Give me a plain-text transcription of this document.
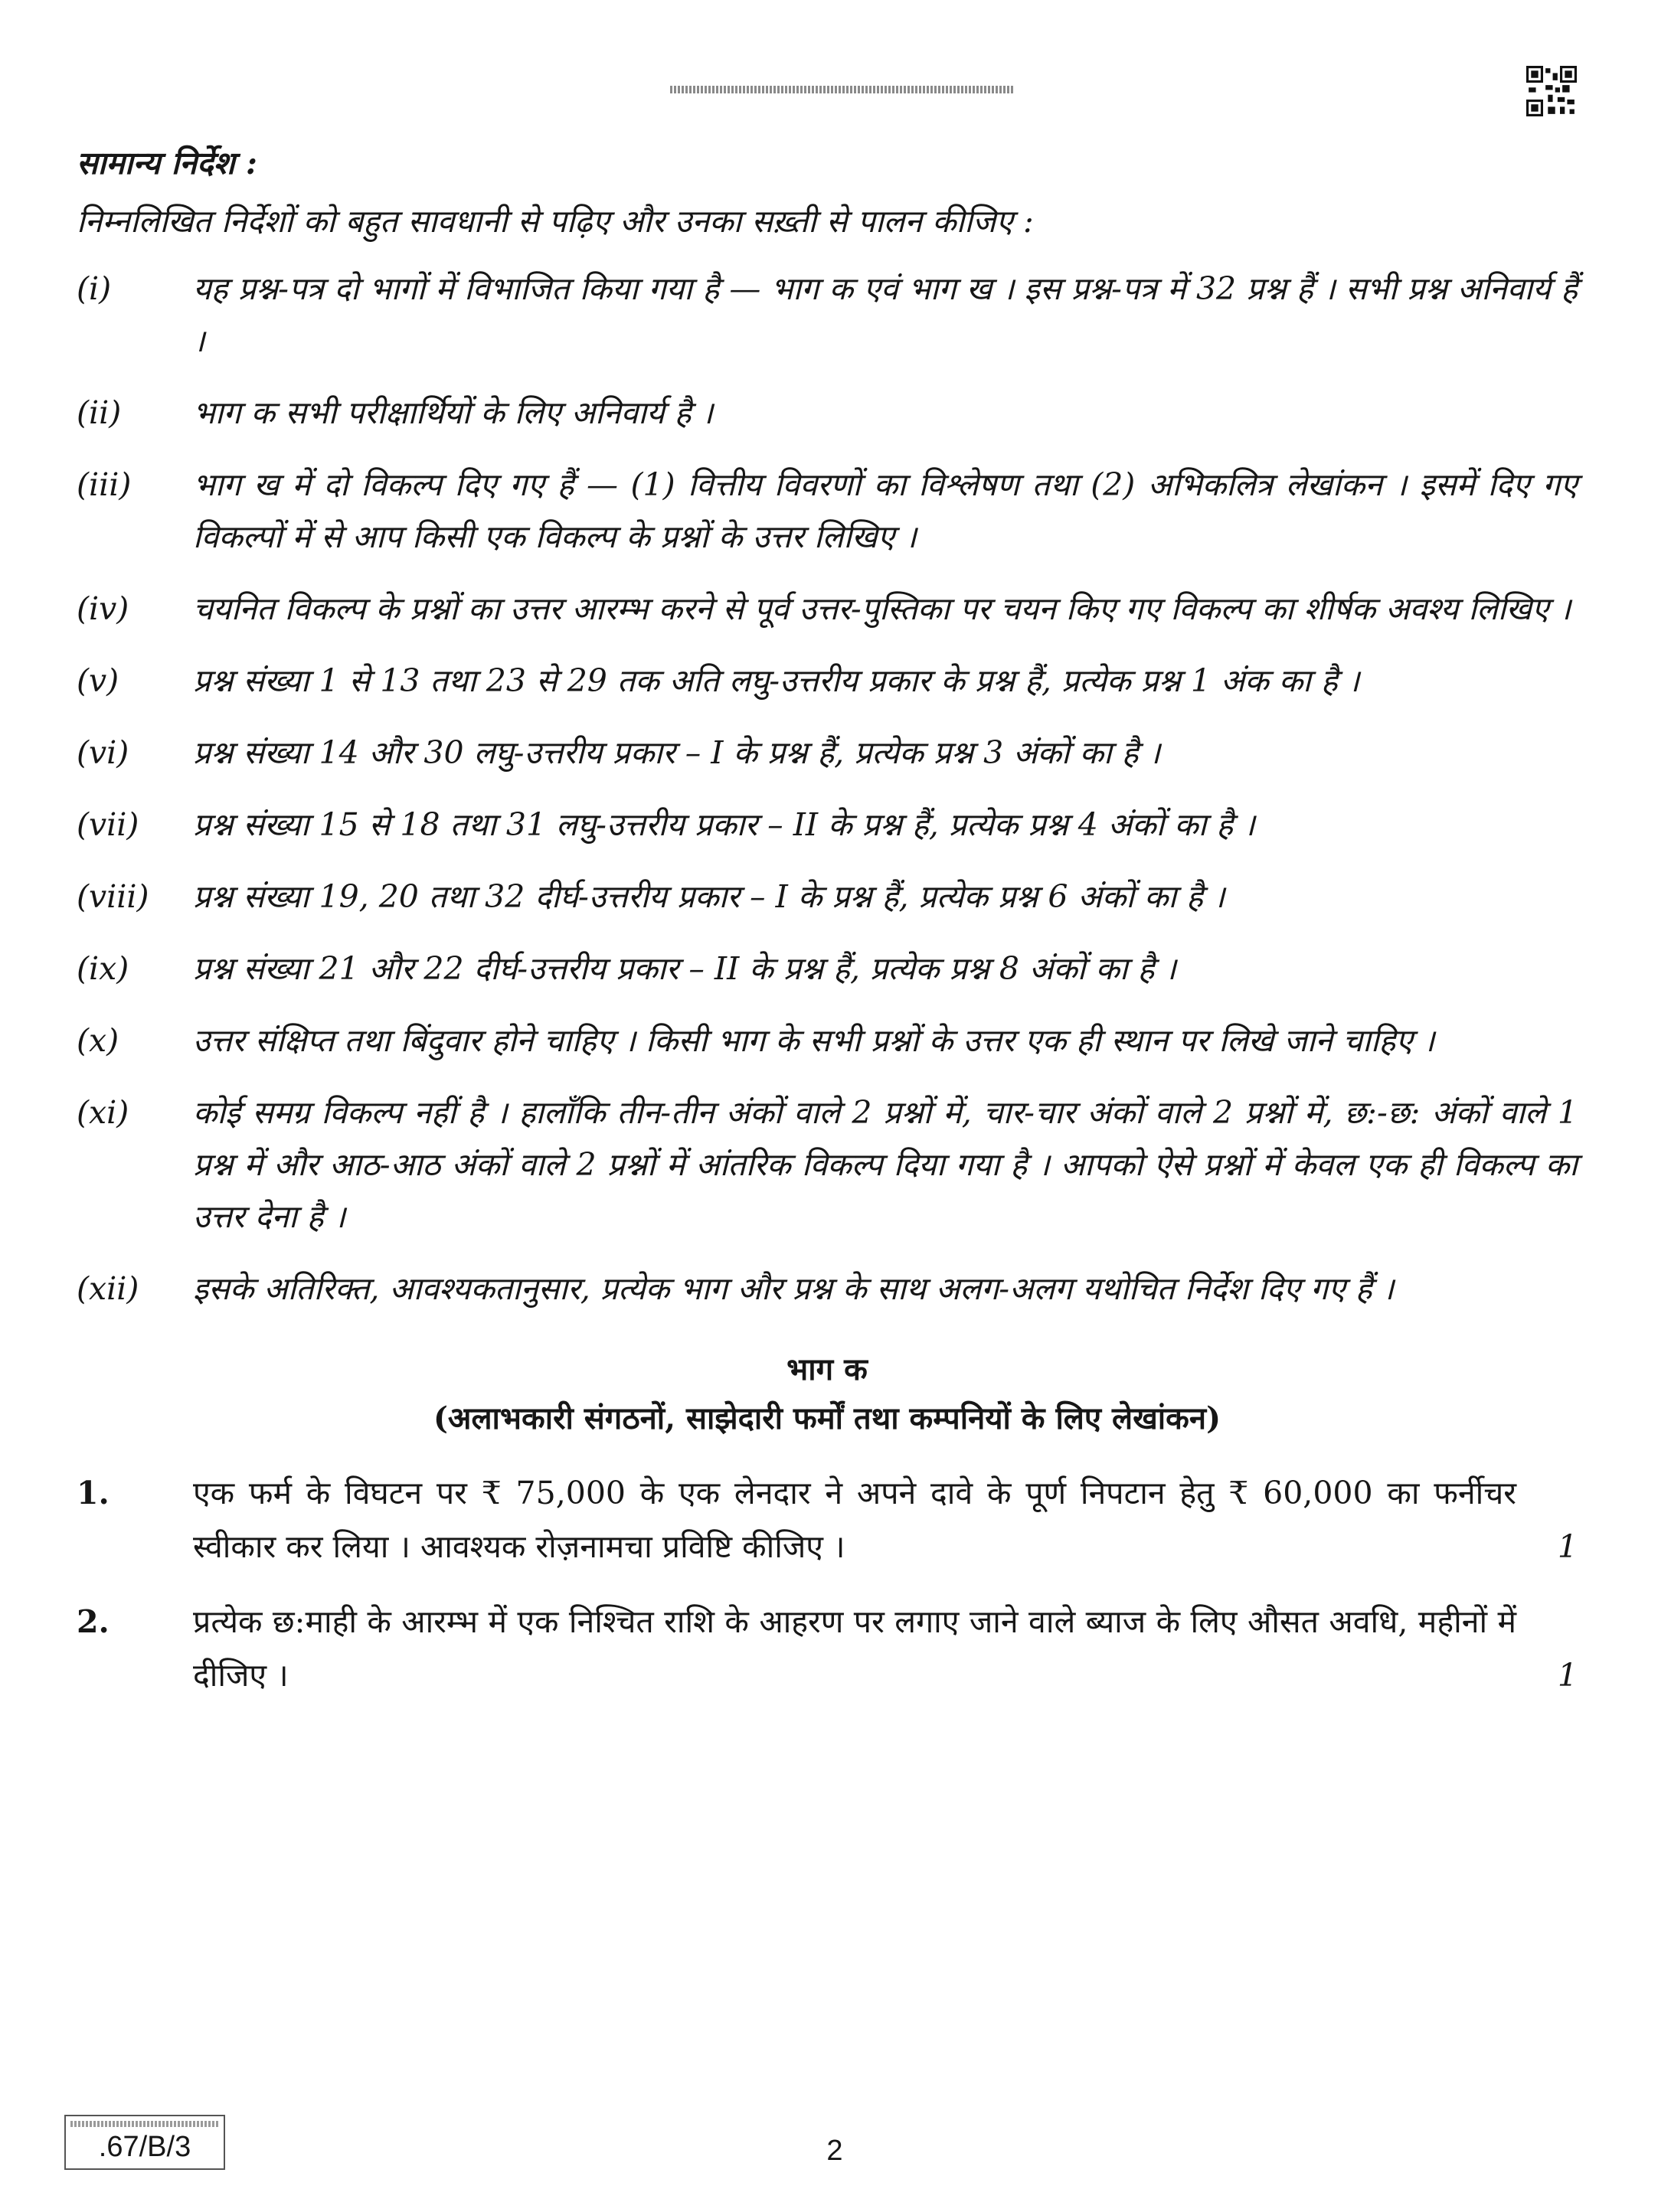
सामान्य निर्देश :

निम्नलिखित निर्देशों को बहुत सावधानी से पढ़िए और उनका सख़्ती से पालन कीजिए :

(i)	यह प्रश्न-पत्र दो भागों में विभाजित किया गया है — भाग क एवं भाग ख । इस प्रश्न-पत्र में 32 प्रश्न हैं । सभी प्रश्न अनिवार्य हैं ।
(ii)	भाग क सभी परीक्षार्थियों के लिए अनिवार्य है ।
(iii)	भाग ख में दो विकल्प दिए गए हैं — (1) वित्तीय विवरणों का विश्लेषण तथा (2) अभिकलित्र लेखांकन । इसमें दिए गए विकल्पों में से आप किसी एक विकल्प के प्रश्नों के उत्तर लिखिए ।
(iv)	चयनित विकल्प के प्रश्नों का उत्तर आरम्भ करने से पूर्व उत्तर-पुस्तिका पर चयन किए गए विकल्प का शीर्षक अवश्य लिखिए ।
(v)	प्रश्न संख्या 1 से 13 तथा 23 से 29 तक अति लघु-उत्तरीय प्रकार के प्रश्न हैं, प्रत्येक प्रश्न 1 अंक का है ।
(vi)	प्रश्न संख्या 14 और 30 लघु-उत्तरीय प्रकार – I के प्रश्न हैं, प्रत्येक प्रश्न 3 अंकों का है ।
(vii)	प्रश्न संख्या 15 से 18 तथा 31 लघु-उत्तरीय प्रकार – II के प्रश्न हैं, प्रत्येक प्रश्न 4 अंकों का है ।
(viii)	प्रश्न संख्या 19, 20 तथा 32 दीर्घ-उत्तरीय प्रकार – I के प्रश्न हैं, प्रत्येक प्रश्न 6 अंकों का है ।
(ix)	प्रश्न संख्या 21 और 22 दीर्घ-उत्तरीय प्रकार – II के प्रश्न हैं, प्रत्येक प्रश्न 8 अंकों का है ।
(x)	उत्तर संक्षिप्त तथा बिंदुवार होने चाहिए । किसी भाग के सभी प्रश्नों के उत्तर एक ही स्थान पर लिखे जाने चाहिए ।
(xi)	कोई समग्र विकल्प नहीं है । हालाँकि तीन-तीन अंकों वाले 2 प्रश्नों में, चार-चार अंकों वाले 2 प्रश्नों में, छ:-छ: अंकों वाले 1 प्रश्न में और आठ-आठ अंकों वाले 2 प्रश्नों में आंतरिक विकल्प दिया गया है । आपको ऐसे प्रश्नों में केवल एक ही विकल्प का उत्तर देना है ।
(xii)	इसके अतिरिक्त, आवश्यकतानुसार, प्रत्येक भाग और प्रश्न के साथ अलग-अलग यथोचित निर्देश दिए गए हैं ।
भाग क
(अलाभकारी संगठनों, साझेदारी फर्मों तथा कम्पनियों के लिए लेखांकन)
1.	एक फर्म के विघटन पर ₹ 75,000 के एक लेनदार ने अपने दावे के पूर्ण निपटान हेतु ₹ 60,000 का फर्नीचर स्वीकार कर लिया । आवश्यक रोज़नामचा प्रविष्टि कीजिए ।	1
2.	प्रत्येक छ:माही के आरम्भ में एक निश्चित राशि के आहरण पर लगाए जाने वाले ब्याज के लिए औसत अवधि, महीनों में दीजिए ।	1
.67/B/3	2
